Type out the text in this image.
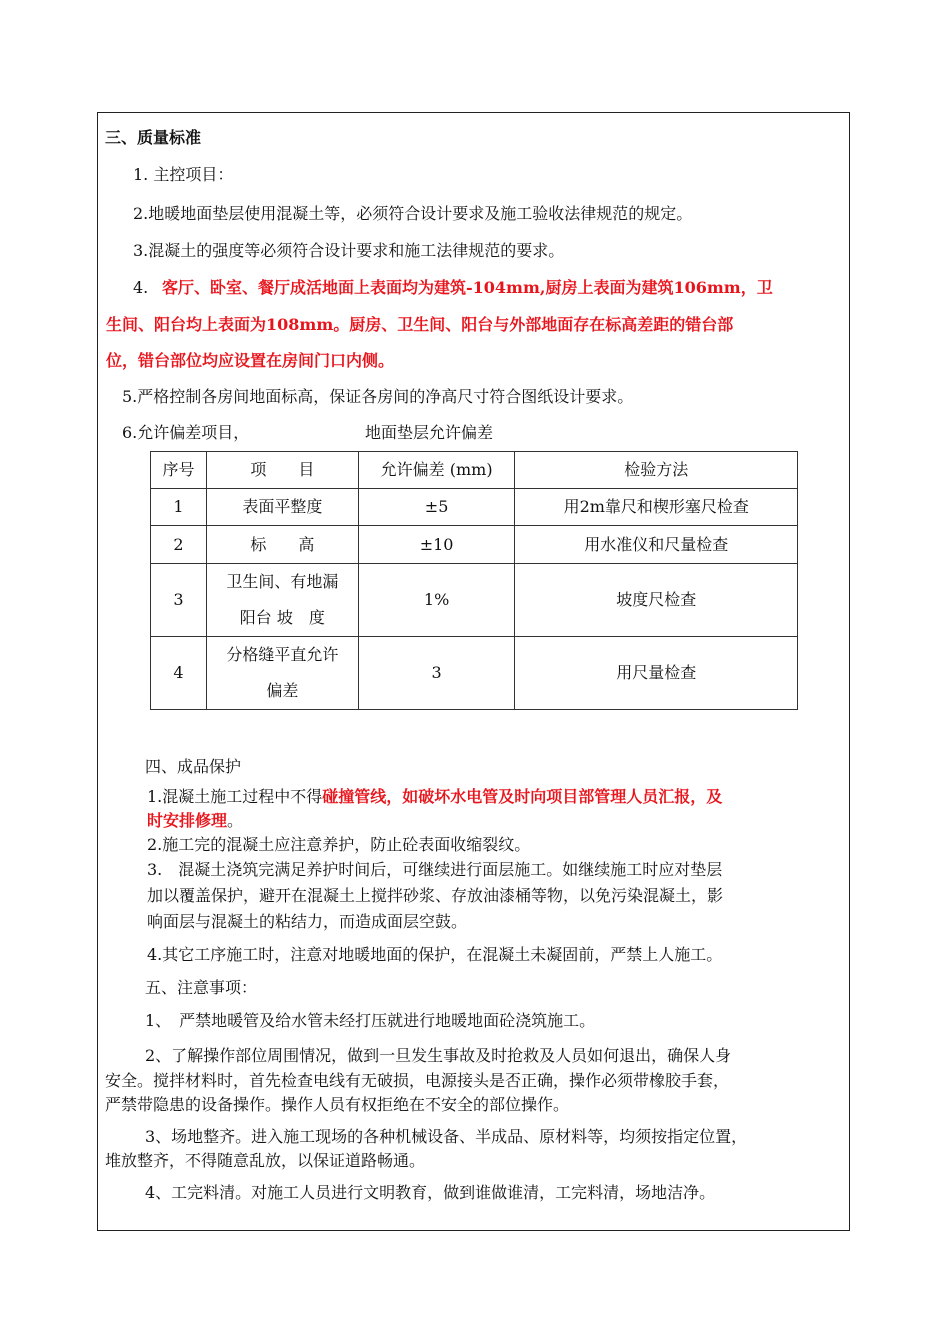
三、质量标准
1. 主控项目：
2.地暖地面垫层使用混凝土等，必须符合设计要求及施工验收法律规范的规定。
3.混凝土的强度等必须符合设计要求和施工法律规范的要求。
4. 客厅、卧室、餐厅成活地面上表面均为建筑-104mm,厨房上表面为建筑106mm，卫
生间、阳台均上表面为108mm。厨房、卫生间、阳台与外部地面存在标高差距的错台部
位，错台部位均应设置在房间门口内侧。
5.严格控制各房间地面标高，保证各房间的净高尺寸符合图纸设计要求。
6.允许偏差项目，	地面垫层允许偏差
序号	项　　目	允许偏差 (mm)	检验方法
1	表面平整度	±5	用2m靠尺和楔形塞尺检查
2	标　　高	±10	用水准仪和尺量检查
3	卫生间、有地漏
阳台 坡　度	1%	坡度尺检查
4	分格缝平直允许
偏差	3	用尺量检查
四、成品保护
1.混凝土施工过程中不得碰撞管线，如破坏水电管及时向项目部管理人员汇报，及
时安排修理。
2.施工完的混凝土应注意养护，防止砼表面收缩裂纹。
3.　混凝土浇筑完满足养护时间后，可继续进行面层施工。如继续施工时应对垫层
加以覆盖保护，避开在混凝土上搅拌砂浆、存放油漆桶等物，以免污染混凝土，影
响面层与混凝土的粘结力，而造成面层空鼓。
4.其它工序施工时，注意对地暖地面的保护，在混凝土未凝固前，严禁上人施工。
五、注意事项：
1、　严禁地暖管及给水管未经打压就进行地暖地面砼浇筑施工。
2、了解操作部位周围情况，做到一旦发生事故及时抢救及人员如何退出，确保人身
安全。搅拌材料时，首先检查电线有无破损，电源接头是否正确，操作必须带橡胶手套，
严禁带隐患的设备操作。操作人员有权拒绝在不安全的部位操作。
3、场地整齐。进入施工现场的各种机械设备、半成品、原材料等，均须按指定位置，
堆放整齐，不得随意乱放，以保证道路畅通。
4、工完料清。对施工人员进行文明教育，做到谁做谁清，工完料清，场地洁净。
